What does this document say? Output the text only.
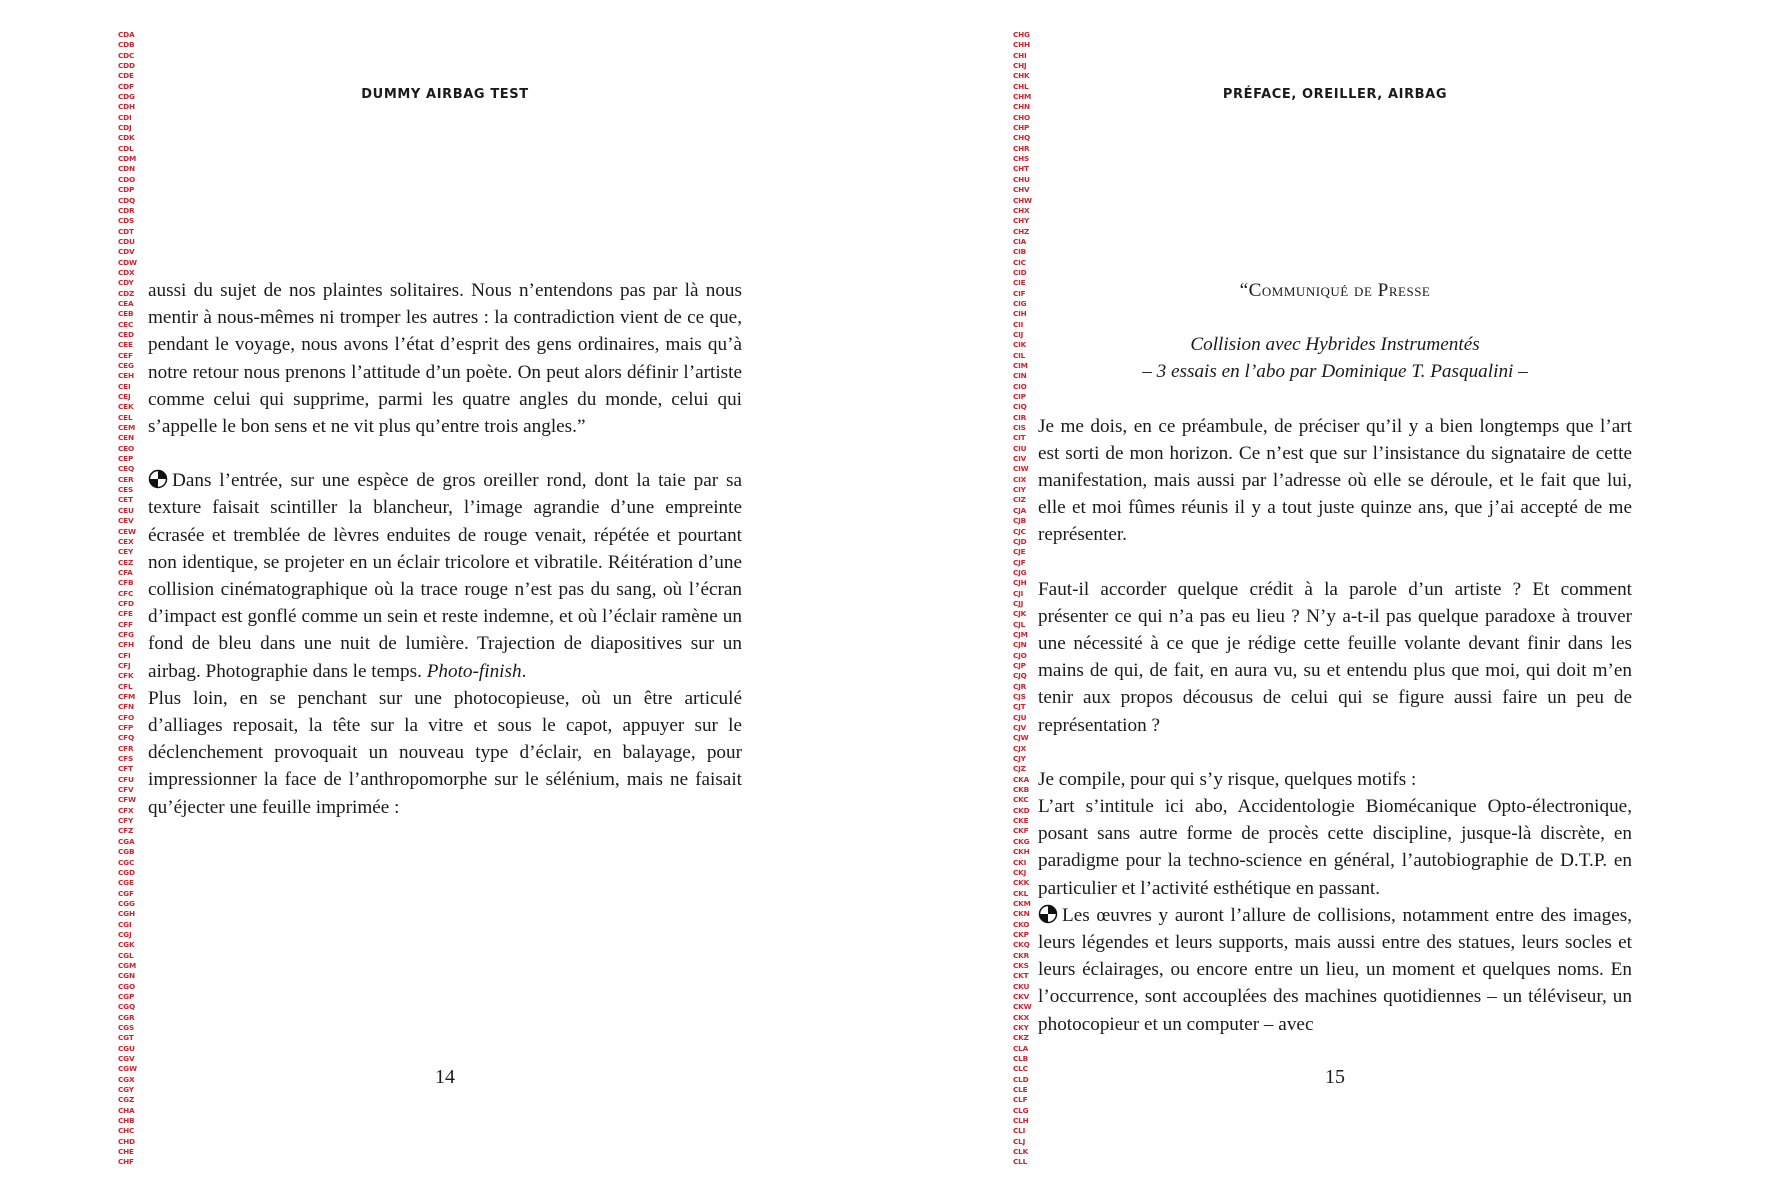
CDA
CDB
CDC
CDD
CDE
CDF
CDG
CDH
CDI
CDJ
CDK
CDL
CDM
CDN
CDO
CDP
CDQ
CDR
CDS
CDT
CDU
CDV
CDW
CDX
CDY
CDZ
CEA
CEB
CEC
CED
CEE
CEF
CEG
CEH
CEI
CEJ
CEK
CEL
CEM
CEN
CEO
CEP
CEQ
CER
CES
CET
CEU
CEV
CEW
CEX
CEY
CEZ
CFA
CFB
CFC
CFD
CFE
CFF
CFG
CFH
CFI
CFJ
CFK
CFL
CFM
CFN
CFO
CFP
CFQ
CFR
CFS
CFT
CFU
CFV
CFW
CFX
CFY
CFZ
CGA
CGB
CGC
CGD
CGE
CGF
CGG
CGH
CGI
CGJ
CGK
CGL
CGM
CGN
CGO
CGP
CGQ
CGR
CGS
CGT
CGU
CGV
CGW
CGX
CGY
CGZ
CHA
CHB
CHC
CHD
CHE
CHF
DUMMY AIRBAG TEST

aussi du sujet de nos plaintes solitaires. Nous n’entendons pas par là nous mentir à nous-mêmes ni tromper les autres : la contradiction vient de ce que, pendant le voyage, nous avons l’état d’esprit des gens ordinaires, mais qu’à notre retour nous prenons l’attitude d’un poète. On peut alors définir l’artiste comme celui qui supprime, parmi les quatre angles du monde, celui qui s’appelle le bon sens et ne vit plus qu’entre trois angles.”

Dans l’entrée, sur une espèce de gros oreiller rond, dont la taie par sa texture faisait scintiller la blancheur, l’image agrandie d’une empreinte écrasée et tremblée de lèvres enduites de rouge venait, répétée et pourtant non identique, se projeter en un éclair tricolore et vibratile. Réitération d’une collision cinématographique où la trace rouge n’est pas du sang, où l’écran d’impact est gonflé comme un sein et reste indemne, et où l’éclair ramène un fond de bleu dans une nuit de lumière. Trajection de diapositives sur un airbag. Photographie dans le temps. Photo-finish.

Plus loin, en se penchant sur une photocopieuse, où un être articulé d’alliages reposait, la tête sur la vitre et sous le capot, appuyer sur le déclenchement provoquait un nouveau type d’éclair, en balayage, pour impressionner la face de l’anthropomorphe sur le sélénium, mais ne faisait qu’éjecter une feuille imprimée :

14
CHG
CHH
CHI
CHJ
CHK
CHL
CHM
CHN
CHO
CHP
CHQ
CHR
CHS
CHT
CHU
CHV
CHW
CHX
CHY
CHZ
CIA
CIB
CIC
CID
CIE
CIF
CIG
CIH
CII
CIJ
CIK
CIL
CIM
CIN
CIO
CIP
CIQ
CIR
CIS
CIT
CIU
CIV
CIW
CIX
CIY
CIZ
CJA
CJB
CJC
CJD
CJE
CJF
CJG
CJH
CJI
CJJ
CJK
CJL
CJM
CJN
CJO
CJP
CJQ
CJR
CJS
CJT
CJU
CJV
CJW
CJX
CJY
CJZ
CKA
CKB
CKC
CKD
CKE
CKF
CKG
CKH
CKI
CKJ
CKK
CKL
CKM
CKN
CKO
CKP
CKQ
CKR
CKS
CKT
CKU
CKV
CKW
CKX
CKY
CKZ
CLA
CLB
CLC
CLD
CLE
CLF
CLG
CLH
CLI
CLJ
CLK
CLL
PRÉFACE, OREILLER, AIRBAG

“Communiqué de Presse

Collision avec Hybrides Instrumentés

– 3 essais en l’abo par Dominique T. Pasqualini –

Je me dois, en ce préambule, de préciser qu’il y a bien longtemps que l’art est sorti de mon horizon. Ce n’est que sur l’insistance du signataire de cette manifestation, mais aussi par l’adresse où elle se déroule, et le fait que lui, elle et moi fûmes réunis il y a tout juste quinze ans, que j’ai accepté de me représenter.

Faut-il accorder quelque crédit à la parole d’un artiste ? Et comment présenter ce qui n’a pas eu lieu ? N’y a-t-il pas quelque paradoxe à trouver une nécessité à ce que je rédige cette feuille volante devant finir dans les mains de qui, de fait, en aura vu, su et entendu plus que moi, qui doit m’en tenir aux propos décousus de celui qui se figure aussi faire un peu de représentation ?

Je compile, pour qui s’y risque, quelques motifs :

L’art s’intitule ici abo, Accidentologie Biomécanique Opto-électronique, posant sans autre forme de procès cette discipline, jusque-là discrète, en paradigme pour la techno-science en général, l’autobiographie de D.T.P. en particulier et l’activité esthétique en passant.

Les œuvres y auront l’allure de collisions, notamment entre des images, leurs légendes et leurs supports, mais aussi entre des statues, leurs socles et leurs éclairages, ou encore entre un lieu, un moment et quelques noms. En l’occurrence, sont accouplées des machines quotidiennes – un téléviseur, un photocopieur et un computer – avec

15
